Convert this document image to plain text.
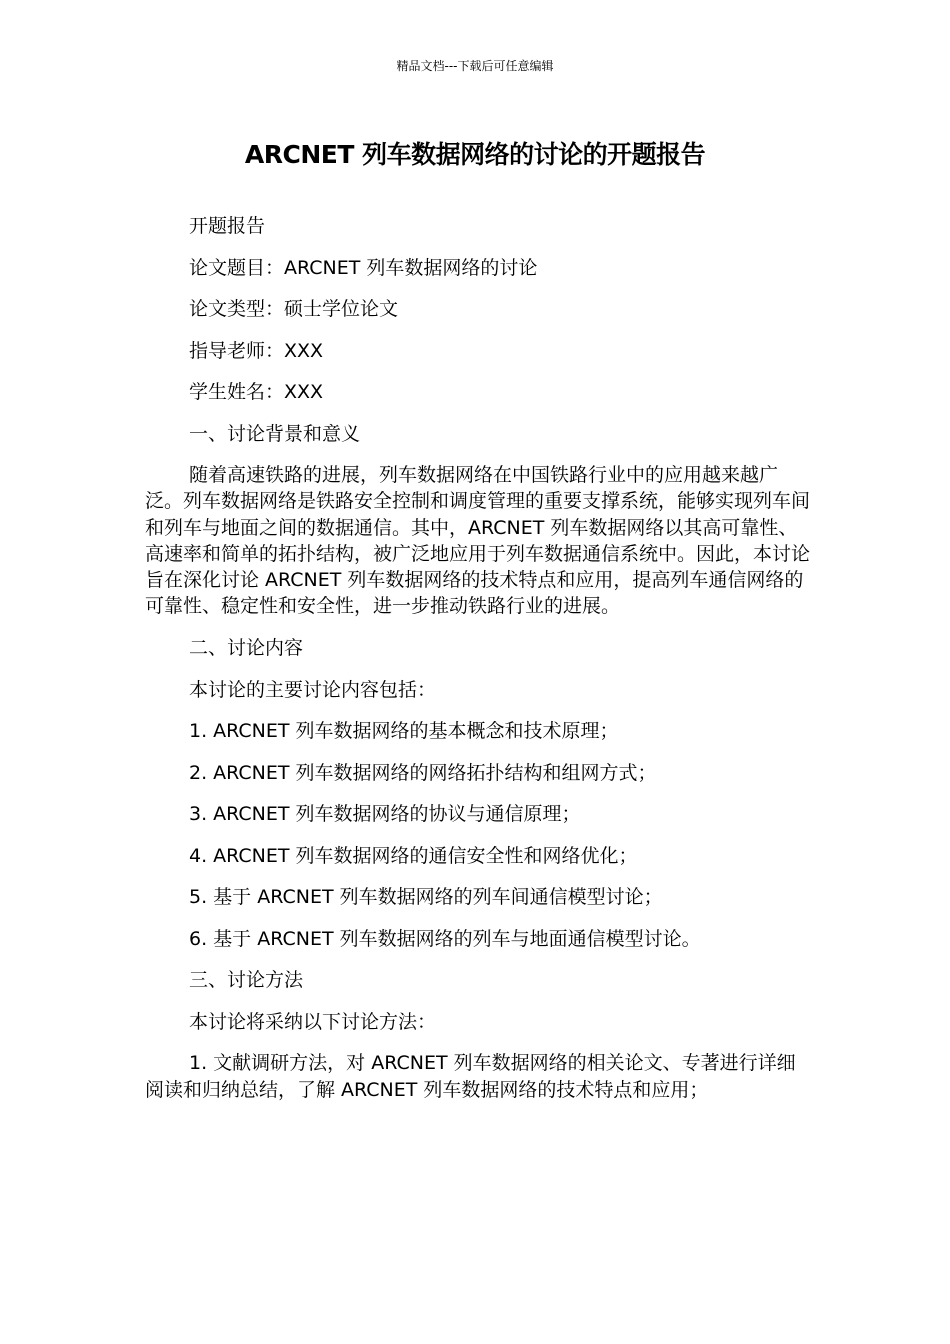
精品文档---下载后可任意编辑
ARCNET 列车数据网络的讨论的开题报告

开题报告

论文题目：ARCNET 列车数据网络的讨论

论文类型：硕士学位论文

指导老师：XXX

学生姓名：XXX

一、讨论背景和意义

随着高速铁路的进展，列车数据网络在中国铁路行业中的应用越来越广泛。列车数据网络是铁路安全控制和调度管理的重要支撑系统，能够实现列车间和列车与地面之间的数据通信。其中，ARCNET 列车数据网络以其高可靠性、高速率和简单的拓扑结构，被广泛地应用于列车数据通信系统中。因此，本讨论旨在深化讨论 ARCNET 列车数据网络的技术特点和应用，提高列车通信网络的可靠性、稳定性和安全性，进一步推动铁路行业的进展。

二、讨论内容

本讨论的主要讨论内容包括：

1. ARCNET 列车数据网络的基本概念和技术原理；

2. ARCNET 列车数据网络的网络拓扑结构和组网方式；

3. ARCNET 列车数据网络的协议与通信原理；

4. ARCNET 列车数据网络的通信安全性和网络优化；

5. 基于 ARCNET 列车数据网络的列车间通信模型讨论；

6. 基于 ARCNET 列车数据网络的列车与地面通信模型讨论。

三、讨论方法

本讨论将采纳以下讨论方法：

1. 文献调研方法，对 ARCNET 列车数据网络的相关论文、专著进行详细阅读和归纳总结，了解 ARCNET 列车数据网络的技术特点和应用；
